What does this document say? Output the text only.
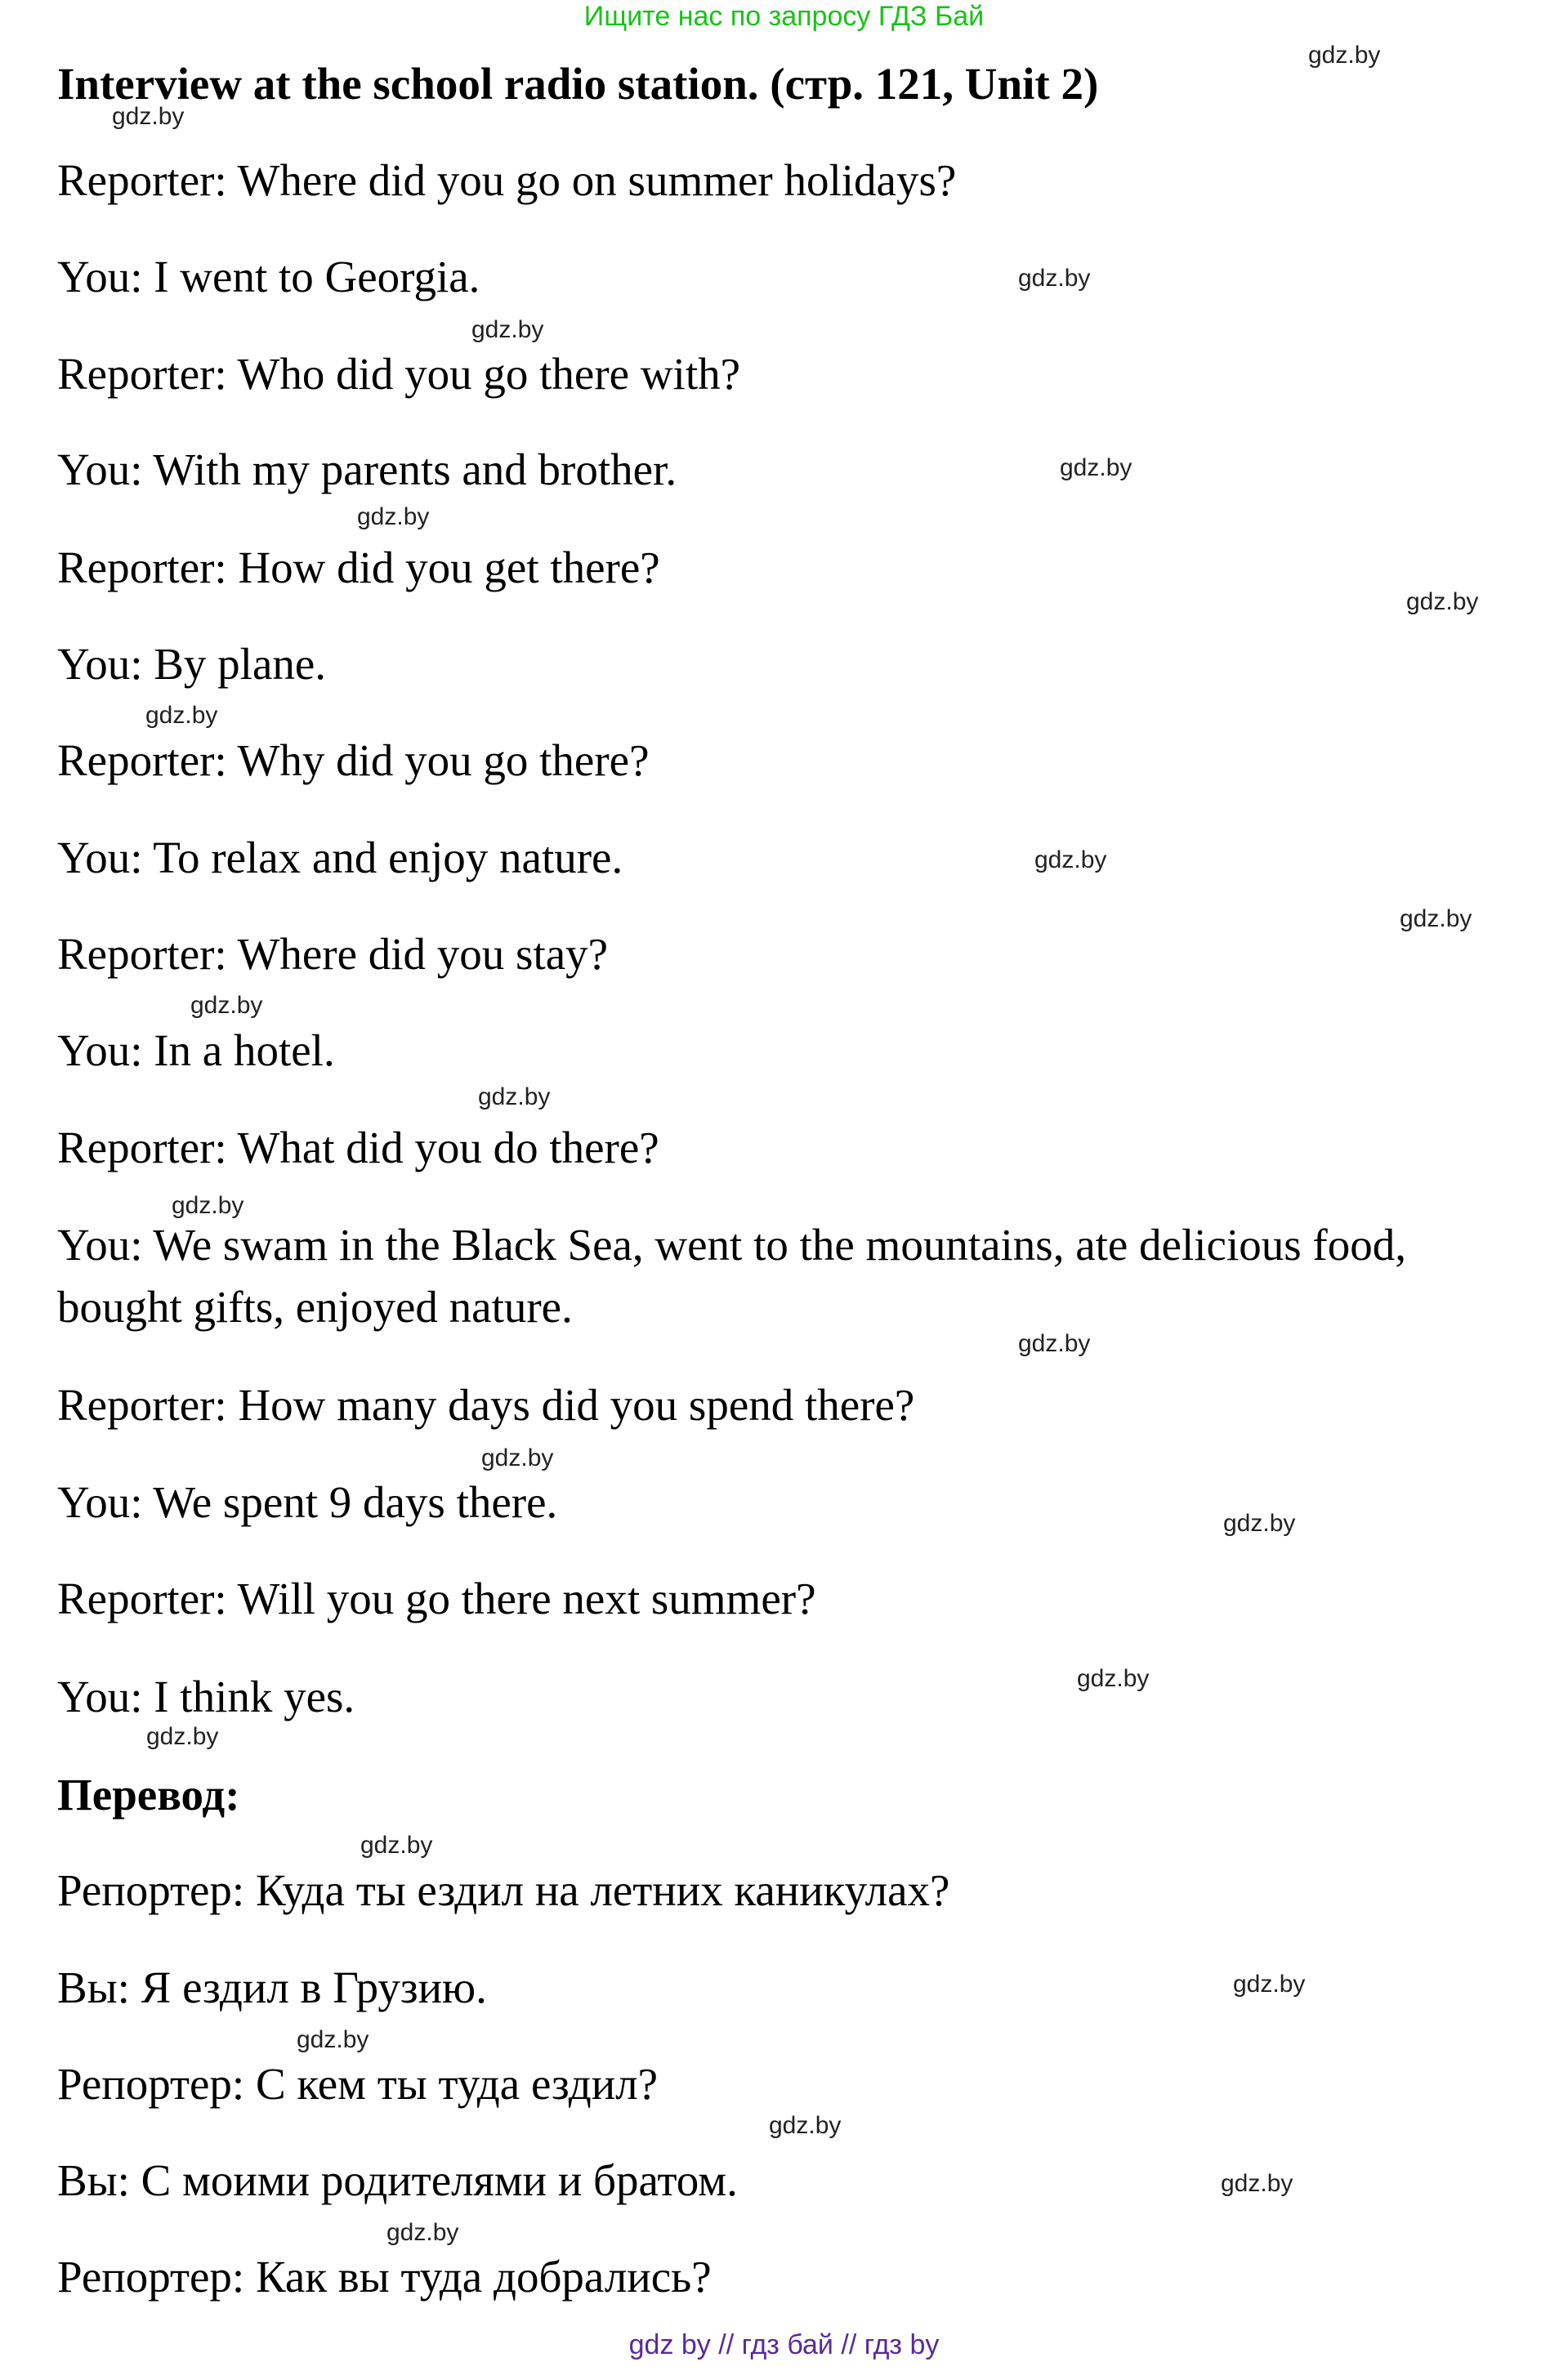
Ищите нас по запросу ГДЗ Бай
Interview at the school radio station. (стр. 121, Unit 2)
Reporter: Where did you go on summer holidays?
You: I went to Georgia.
Reporter: Who did you go there with?
You: With my parents and brother.
Reporter: How did you get there?
You: By plane.
Reporter: Why did you go there?
You: To relax and enjoy nature.
Reporter: Where did you stay?
You: In a hotel.
Reporter: What did you do there?
You: We swam in the Black Sea, went to the mountains, ate delicious food, bought gifts, enjoyed nature.
Reporter: How many days did you spend there?
You: We spent 9 days there.
Reporter: Will you go there next summer?
You: I think yes.
Перевод:
Репортер: Куда ты ездил на летних каникулах?
Вы: Я ездил в Грузию.
Репортер: С кем ты туда ездил?
Вы: С моими родителями и братом.
Репортер: Как вы туда добрались?
gdz.by
gdz.by
gdz.by
gdz.by
gdz.by
gdz.by
gdz.by
gdz.by
gdz.by
gdz.by
gdz.by
gdz.by
gdz.by
gdz.by
gdz.by
gdz.by
gdz.by
gdz.by
gdz.by
gdz.by
gdz.by
gdz.by
gdz.by
gdz.by
gdz by // гдз бай // гдз by
